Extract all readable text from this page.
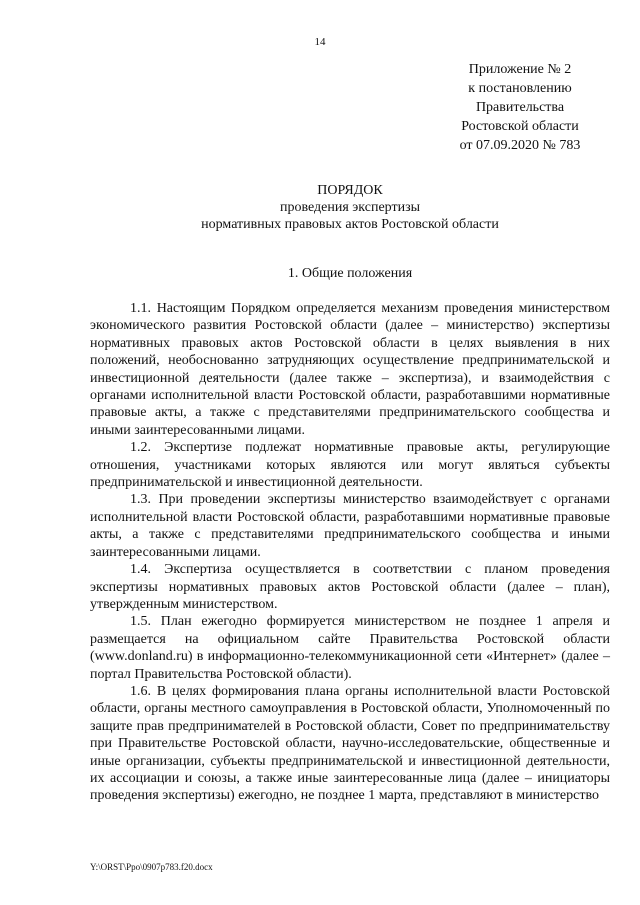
14
Приложение № 2
к постановлению
Правительства
Ростовской области
от 07.09.2020 № 783
ПОРЯДОК
проведения экспертизы
нормативных правовых актов Ростовской области
1. Общие положения

1.1. Настоящим Порядком определяется механизм проведения министерством экономического развития Ростовской области (далее – министерство) экспертизы нормативных правовых актов Ростовской области в целях выявления в них положений, необоснованно затрудняющих осуществление предпринимательской и инвестиционной деятельности (далее также – экспертиза), и взаимодействия с органами исполнительной власти Ростовской области, разработавшими нормативные правовые акты, а также с представителями предпринимательского сообщества и иными заинтересованными лицами.

1.2. Экспертизе подлежат нормативные правовые акты, регулирующие отношения, участниками которых являются или могут являться субъекты предпринимательской и инвестиционной деятельности.

1.3. При проведении экспертизы министерство взаимодействует с органами исполнительной власти Ростовской области, разработавшими нормативные правовые акты, а также с представителями предпринимательского сообщества и иными заинтересованными лицами.

1.4. Экспертиза осуществляется в соответствии с планом проведения экспертизы нормативных правовых актов Ростовской области (далее – план), утвержденным министерством.

1.5. План ежегодно формируется министерством не позднее 1 апреля и размещается на официальном сайте Правительства Ростовской области (www.donland.ru) в информационно-телекоммуникационной сети «Интернет» (далее – портал Правительства Ростовской области).

1.6. В целях формирования плана органы исполнительной власти Ростовской области, органы местного самоуправления в Ростовской области, Уполномоченный по защите прав предпринимателей в Ростовской области, Совет по предпринимательству при Правительстве Ростовской области, научно-исследовательские, общественные и иные организации, субъекты предпринимательской и инвестиционной деятельности, их ассоциации и союзы, а также иные заинтересованные лица (далее – инициаторы проведения экспертизы) ежегодно, не позднее 1 марта, представляют в министерство

Y:\ORST\Ppo\0907p783.f20.docx
